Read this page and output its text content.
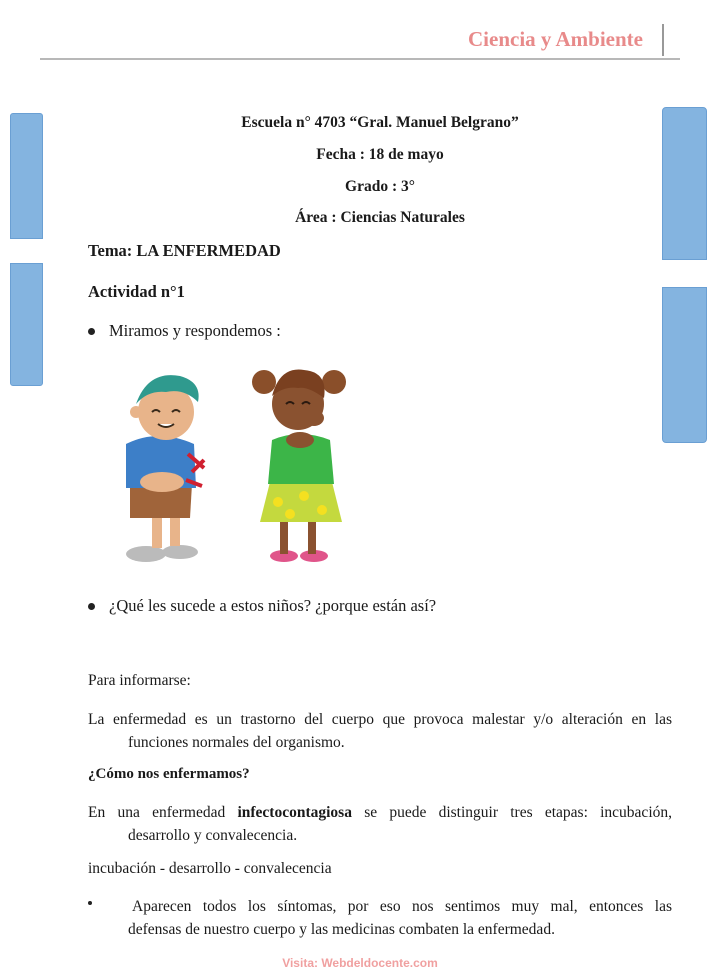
Ciencia y Ambiente
Escuela n° 4703 “Gral. Manuel Belgrano”
Fecha : 18 de mayo
Grado : 3°
Área : Ciencias Naturales
Tema: LA ENFERMEDAD
Actividad n°1
Miramos y respondemos :
¿Qué les sucede a estos niños? ¿porque están así?
Para informarse:
La enfermedad es un trastorno del cuerpo que provoca malestar y/o alteración en las
funciones normales del organismo.
¿Cómo nos enfermamos?
En una enfermedad infectocontagiosa se puede distinguir tres etapas: incubación,
desarrollo y convalecencia.
incubación - desarrollo - convalecencia
Aparecen todos los síntomas, por eso nos sentimos muy mal, entonces las
defensas de nuestro cuerpo y las medicinas combaten la enfermedad.
Visita: Webdeldocente.com
